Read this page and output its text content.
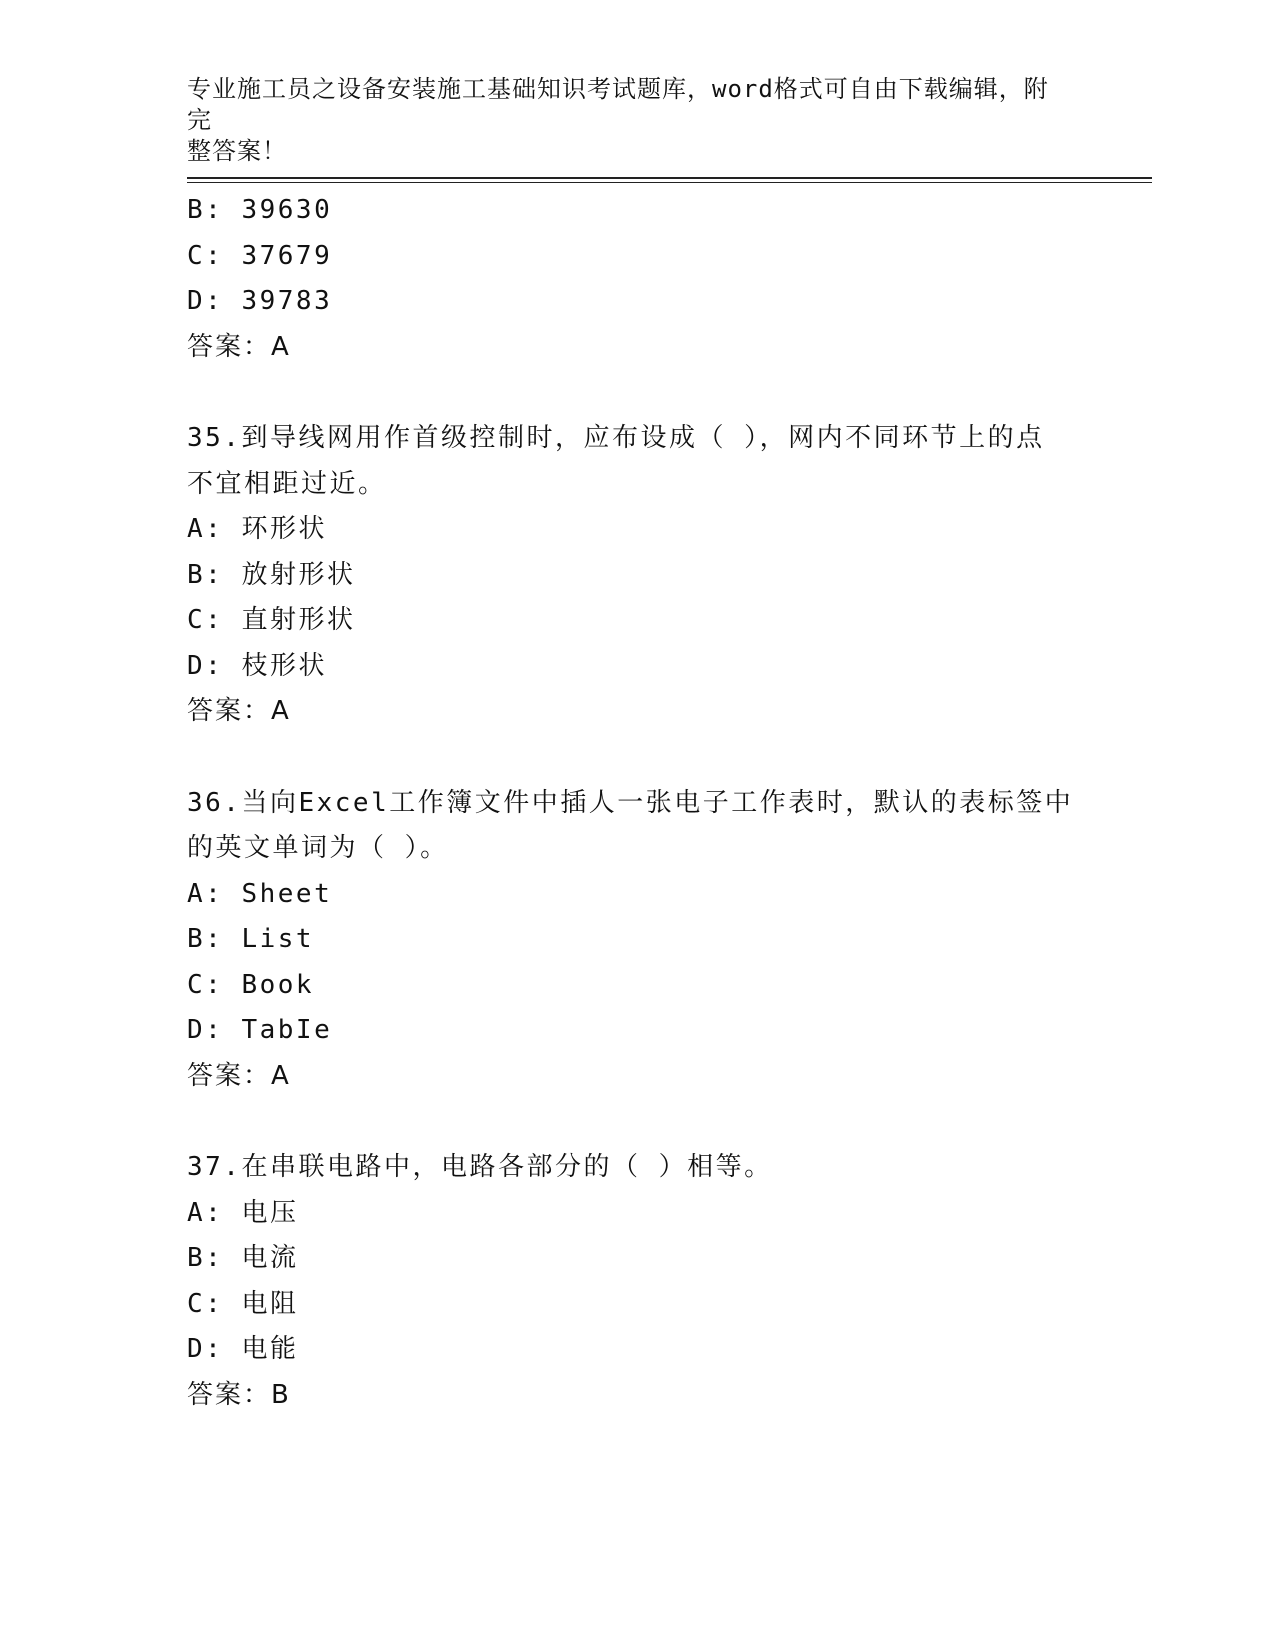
专业施工员之设备安装施工基础知识考试题库，word格式可自由下载编辑，附完
整答案！
B: 39630
C: 37679
D: 39783
答案：A
35.到导线网用作首级控制时，应布设成（ ），网内不同环节上的点
不宜相距过近。
A: 环形状
B: 放射形状
C: 直射形状
D: 枝形状
答案：A
36.当向Excel工作簿文件中插人一张电子工作表时，默认的表标签中
的英文单词为（ ）。
A: Sheet
B: List
C: Book
D: TabIe
答案：A
37.在串联电路中，电路各部分的（ ）相等。
A: 电压
B: 电流
C: 电阻
D: 电能
答案：B
